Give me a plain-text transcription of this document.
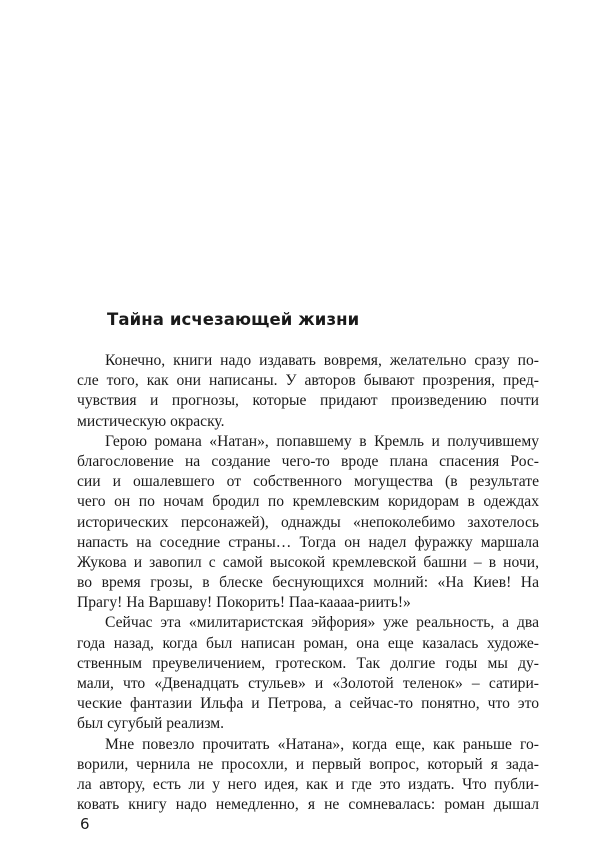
Тайна исчезающей жизни
Конечно, книги надо издавать вовремя, желательно сразу по-
сле того, как они написаны. У авторов бывают прозрения, пред-
чувствия и прогнозы, которые придают произведению почти
мистическую окраску.
Герою романа «Натан», попавшему в Кремль и получившему
благословение на создание чего-то вроде плана спасения Рос-
сии и ошалевшего от собственного могущества (в результате
чего он по ночам бродил по кремлевским коридорам в одеждах
исторических персонажей), однажды «непоколебимо захотелось
напасть на соседние страны… Тогда он надел фуражку маршала
Жукова и завопил с самой высокой кремлевской башни – в ночи,
во время грозы, в блеске беснующихся молний: «На Киев! На
Прагу! На Варшаву! Покорить! Паа-каааа-риить!»
Сейчас эта «милитаристская эйфория» уже реальность, а два
года назад, когда был написан роман, она еще казалась художе-
ственным преувеличением, гротеском. Так долгие годы мы ду-
мали, что «Двенадцать стульев» и «Золотой теленок» – сатири-
ческие фантазии Ильфа и Петрова, а сейчас-то понятно, что это
был сугубый реализм.
Мне повезло прочитать «Натана», когда еще, как раньше го-
ворили, чернила не просохли, и первый вопрос, который я зада-
ла автору, есть ли у него идея, как и где это издать. Что публи-
ковать книгу надо немедленно, я не сомневалась: роман дышал
6
